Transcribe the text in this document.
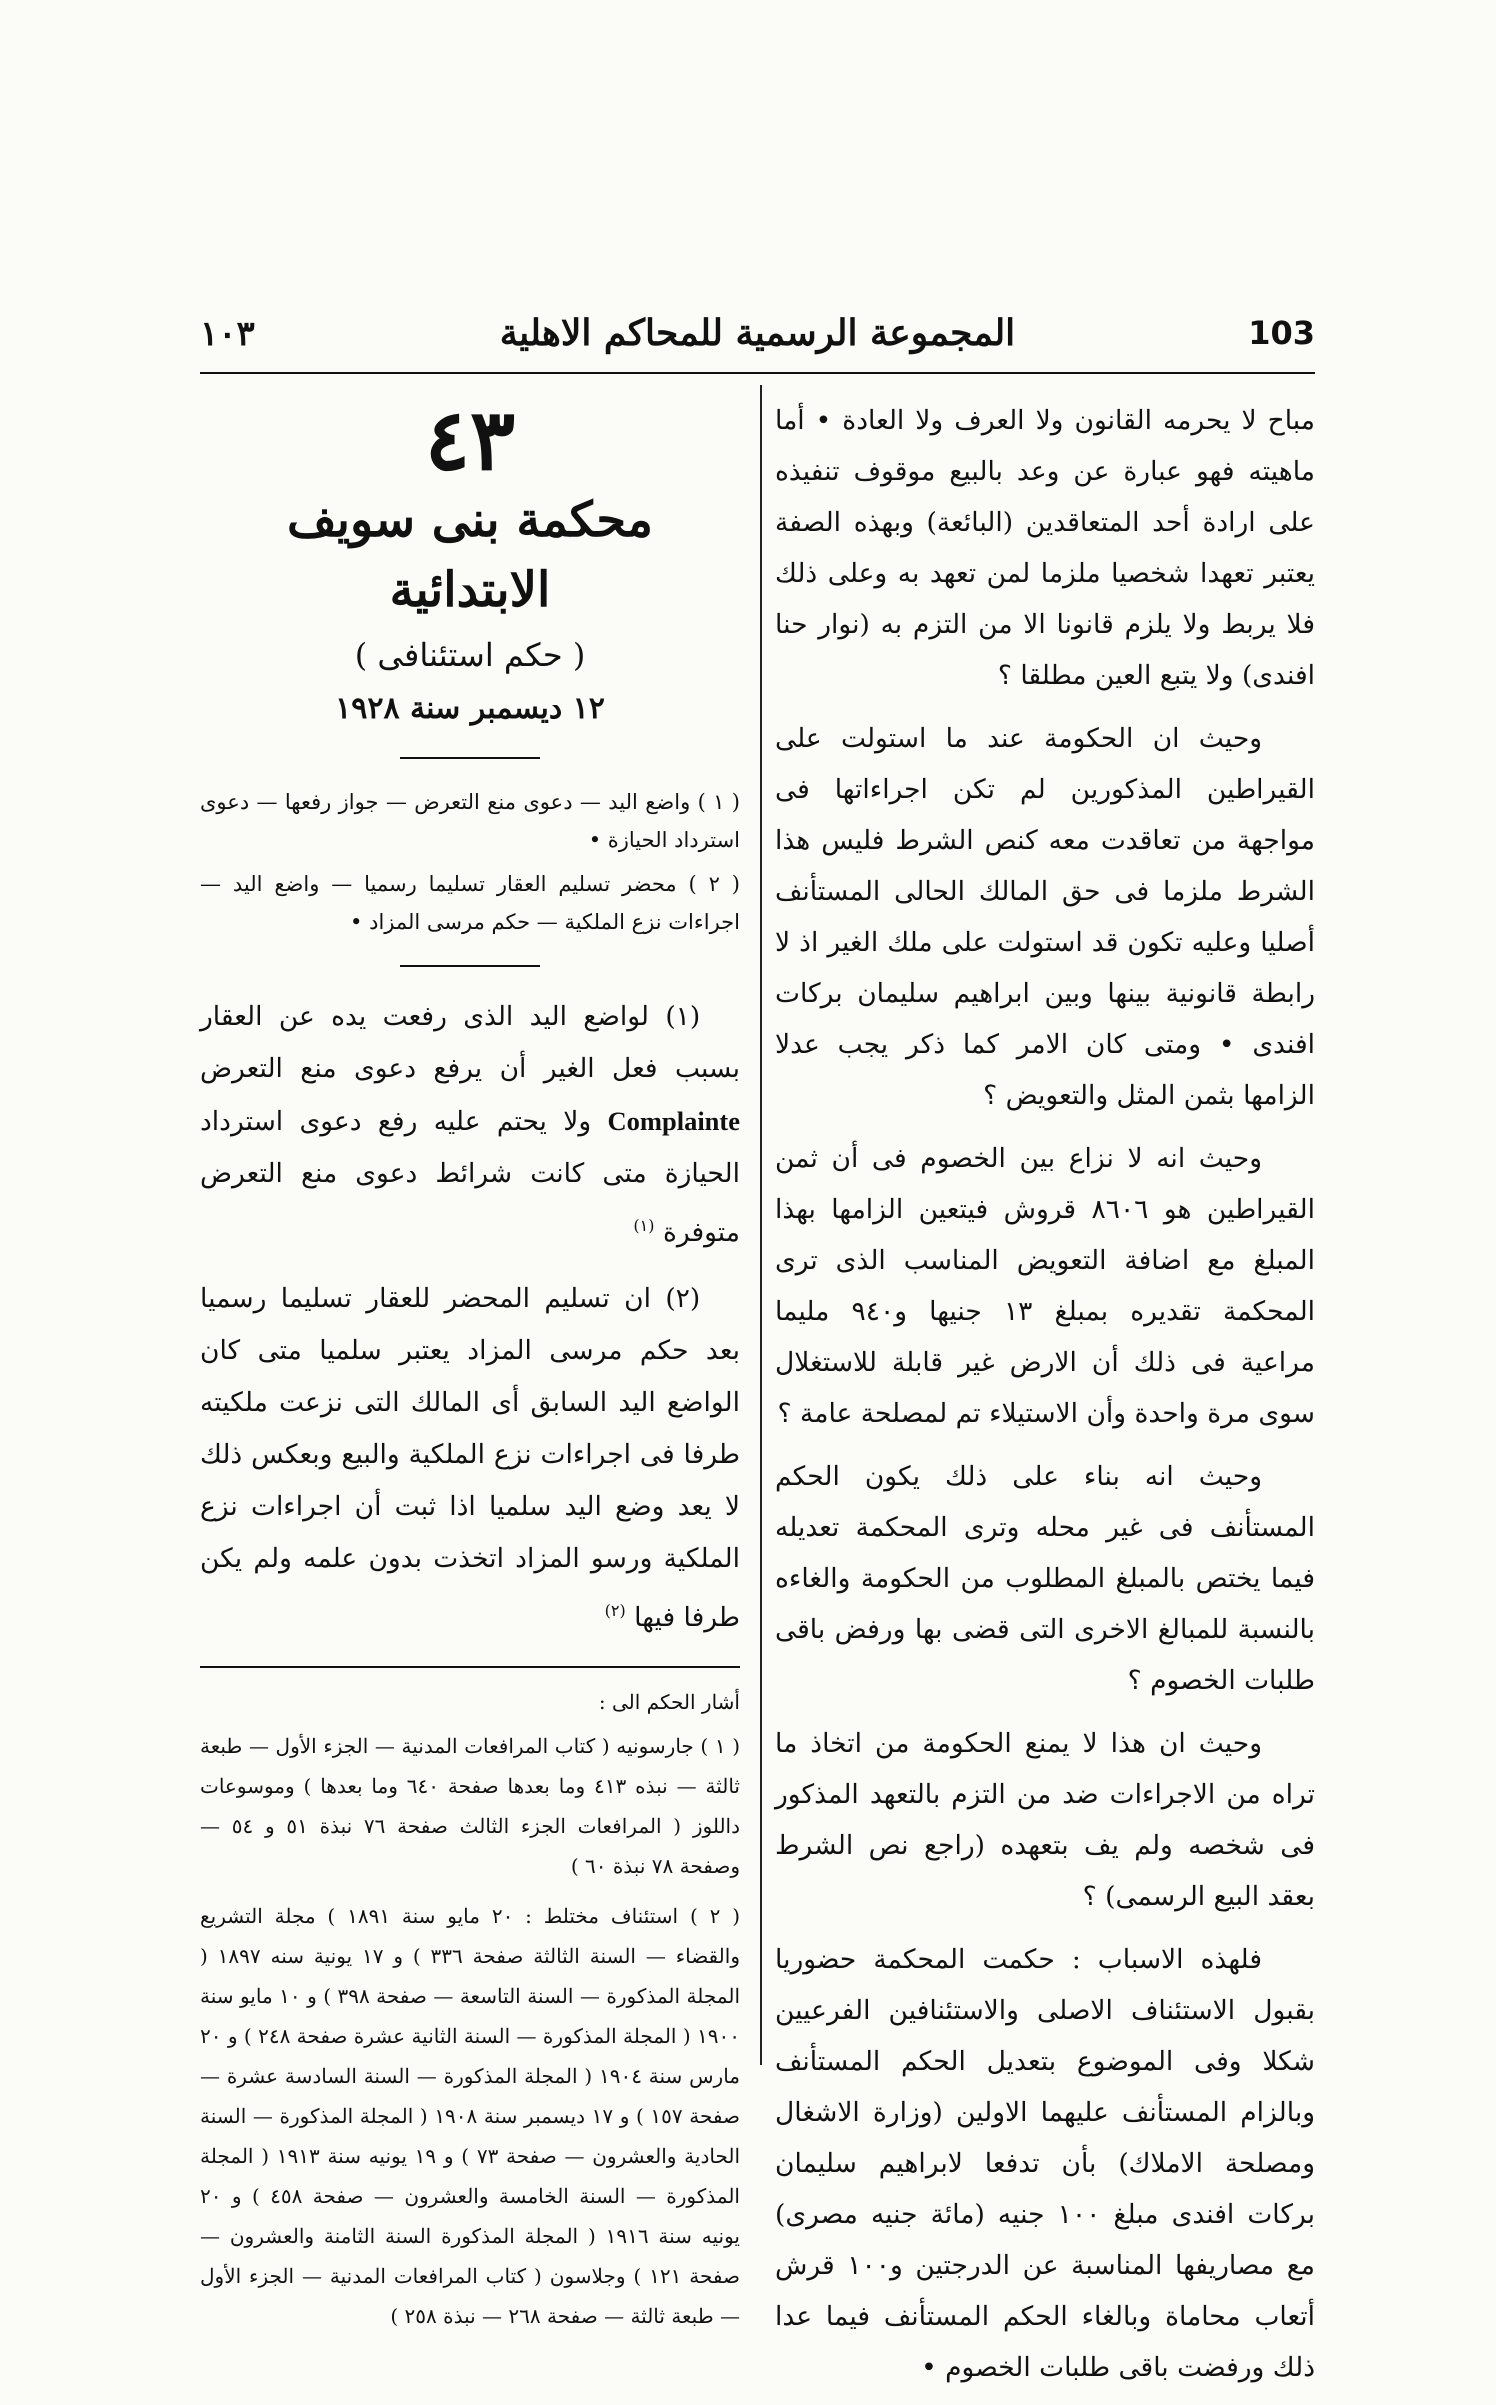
103
المجموعة الرسمية للمحاكم الاهلية
١٠٣

مباح لا يحرمه القانون ولا العرف ولا العادة • أما ماهيته فهو عبارة عن وعد بالبيع موقوف تنفيذه على ارادة أحد المتعاقدين (البائعة) وبهذه الصفة يعتبر تعهدا شخصيا ملزما لمن تعهد به وعلى ذلك فلا يربط ولا يلزم قانونا الا من التزم به (نوار حنا افندى) ولا يتبع العين مطلقا ؟

وحيث ان الحكومة عند ما استولت على القيراطين المذكورين لم تكن اجراءاتها فى مواجهة من تعاقدت معه كنص الشرط فليس هذا الشرط ملزما فى حق المالك الحالى المستأنف أصليا وعليه تكون قد استولت على ملك الغير اذ لا رابطة قانونية بينها وبين ابراهيم سليمان بركات افندى • ومتى كان الامر كما ذكر يجب عدلا الزامها بثمن المثل والتعويض ؟

وحيث انه لا نزاع بين الخصوم فى أن ثمن القيراطين هو ٨٦٠٦ قروش فيتعين الزامها بهذا المبلغ مع اضافة التعويض المناسب الذى ترى المحكمة تقديره بمبلغ ١٣ جنيها و٩٤٠ مليما مراعية فى ذلك أن الارض غير قابلة للاستغلال سوى مرة واحدة وأن الاستيلاء تم لمصلحة عامة ؟

وحيث انه بناء على ذلك يكون الحكم المستأنف فى غير محله وترى المحكمة تعديله فيما يختص بالمبلغ المطلوب من الحكومة والغاءه بالنسبة للمبالغ الاخرى التى قضى بها ورفض باقى طلبات الخصوم ؟

وحيث ان هذا لا يمنع الحكومة من اتخاذ ما تراه من الاجراءات ضد من التزم بالتعهد المذكور فى شخصه ولم يف بتعهده (راجع نص الشرط بعقد البيع الرسمى) ؟

فلهذه الاسباب : حكمت المحكمة حضوريا بقبول الاستئناف الاصلى والاستئنافين الفرعيين شكلا وفى الموضوع بتعديل الحكم المستأنف وبالزام المستأنف عليهما الاولين (وزارة الاشغال ومصلحة الاملاك) بأن تدفعا لابراهيم سليمان بركات افندى مبلغ ١٠٠ جنيه (مائة جنيه مصرى) مع مصاريفها المناسبة عن الدرجتين و١٠٠ قرش أتعاب محاماة وبالغاء الحكم المستأنف فيما عدا ذلك ورفضت باقى طلبات الخصوم •

٤٣
محكمة بنى سويف الابتدائية
( حكم استئنافى )
١٢ ديسمبر سنة ١٩٢٨

( ١ ) واضع اليد — دعوى منع التعرض — جواز رفعها — دعوى استرداد الحيازة •

( ٢ ) محضر تسليم العقار تسليما رسميا — واضع اليد — اجراءات نزع الملكية — حكم مرسى المزاد •

(١) لواضع اليد الذى رفعت يده عن العقار بسبب فعل الغير أن يرفع دعوى منع التعرض Complainte ولا يحتم عليه رفع دعوى استرداد الحيازة متى كانت شرائط دعوى منع التعرض متوفرة $^{(١)}$

(٢) ان تسليم المحضر للعقار تسليما رسميا بعد حكم مرسى المزاد يعتبر سلميا متى كان الواضع اليد السابق أى المالك التى نزعت ملكيته طرفا فى اجراءات نزع الملكية والبيع وبعكس ذلك لا يعد وضع اليد سلميا اذا ثبت أن اجراءات نزع الملكية ورسو المزاد اتخذت بدون علمه ولم يكن طرفا فيها $^{(٢)}$

أشار الحكم الى :

( ١ ) جارسونيه ( كتاب المرافعات المدنية — الجزء الأول — طبعة ثالثة — نبذه ٤١٣ وما بعدها صفحة ٦٤٠ وما بعدها ) وموسوعات داللوز ( المرافعات الجزء الثالث صفحة ٧٦ نبذة ٥١ و ٥٤ — وصفحة ٧٨ نبذة ٦٠ )

( ٢ ) استئناف مختلط : ٢٠ مايو سنة ١٨٩١ ) مجلة التشريع والقضاء — السنة الثالثة صفحة ٣٣٦ ) و ١٧ يونية سنه ١٨٩٧ ( المجلة المذكورة — السنة التاسعة — صفحة ٣٩٨ ) و ١٠ مايو سنة ١٩٠٠ ( المجلة المذكورة — السنة الثانية عشرة صفحة ٢٤٨ ) و ٢٠ مارس سنة ١٩٠٤ ( المجلة المذكورة — السنة السادسة عشرة — صفحة ١٥٧ ) و ١٧ ديسمبر سنة ١٩٠٨ ( المجلة المذكورة — السنة الحادية والعشرون — صفحة ٧٣ ) و ١٩ يونيه سنة ١٩١٣ ( المجلة المذكورة — السنة الخامسة والعشرون — صفحة ٤٥٨ ) و ٢٠ يونيه سنة ١٩١٦ ( المجلة المذكورة السنة الثامنة والعشرون — صفحة ١٢١ ) وجلاسون ( كتاب المرافعات المدنية — الجزء الأول — طبعة ثالثة — صفحة ٢٦٨ — نبذة ٢٥٨ )
